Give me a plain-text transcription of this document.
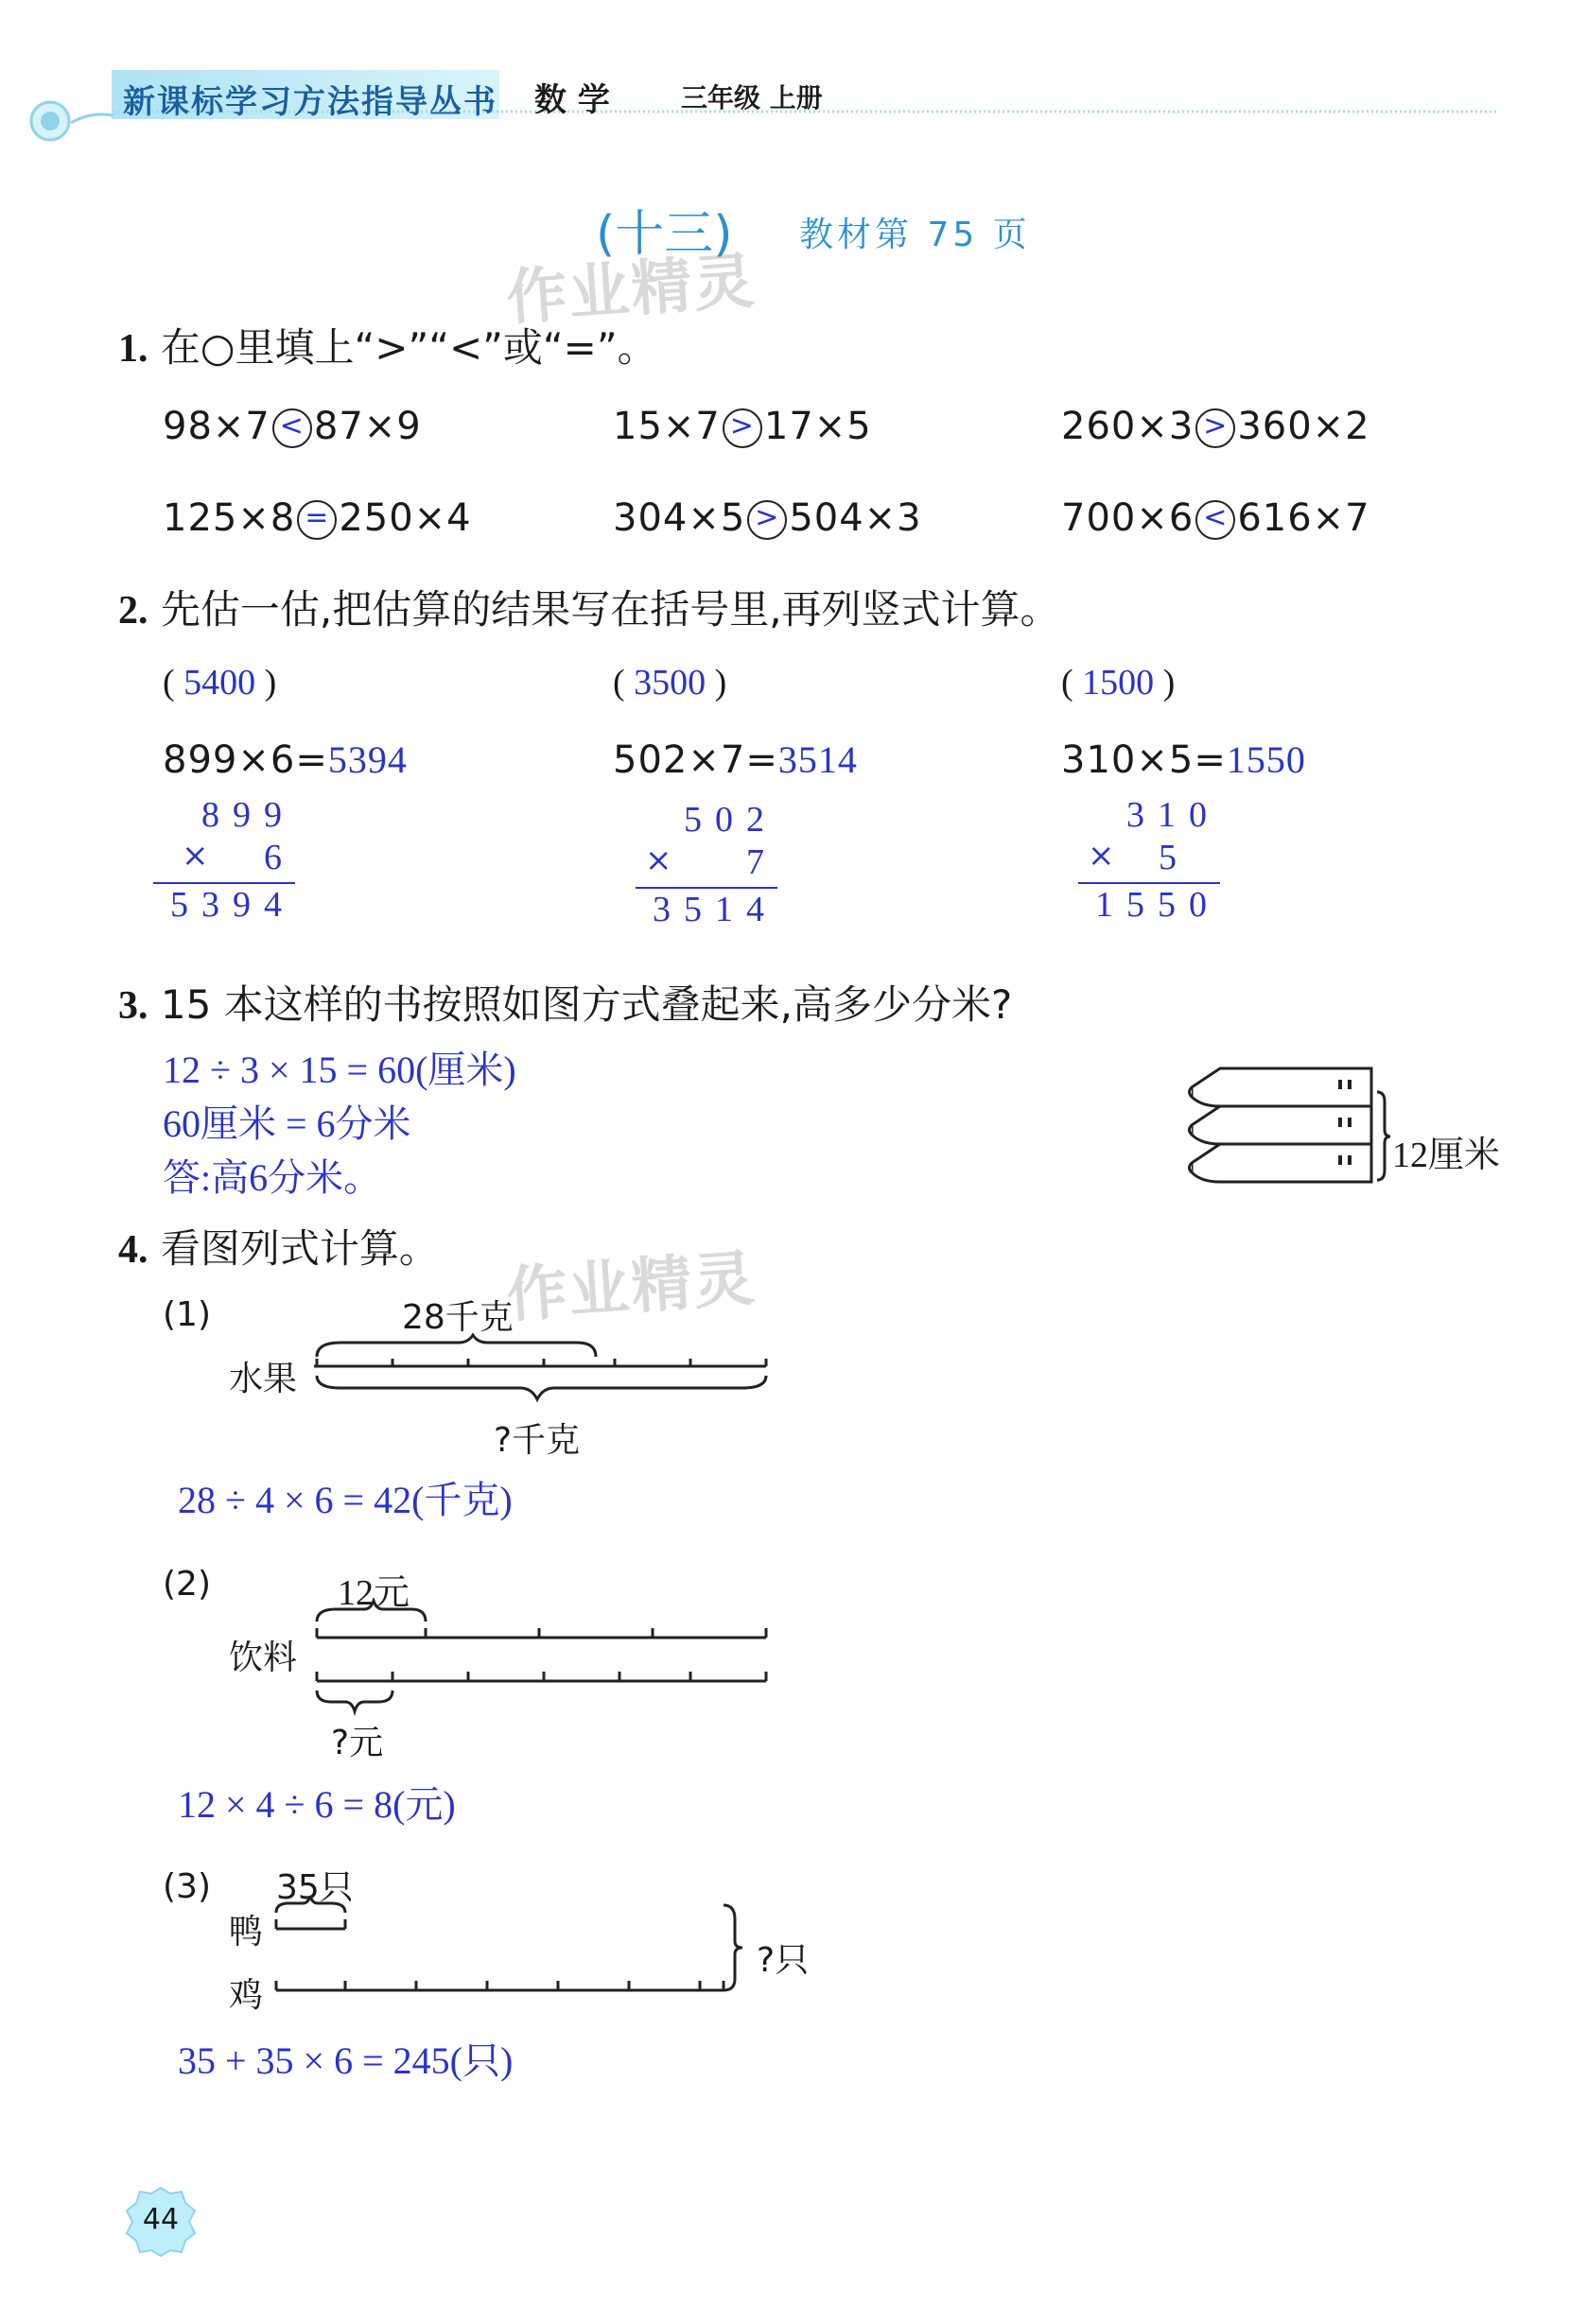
新课标学习方法指导丛书 数 学	三年级 上册
(十三) 教材第 75 页
作业精灵
1. 在○里填上“>”“<”或“=”。
98×7 < 87×9	15×7 > 17×5	260×3 > 360×2
125×8 = 250×4	304×5 > 504×3	700×6 < 616×7
2. 先估一估,把估算的结果写在括号里,再列竖式计算。
( 5400 )
899×6=5394
899
× 6
5394
( 3500 )
502×7=3514
502
× 7
3514
( 1500 )
310×5=1550
310
× 5
1550
3. 15 本这样的书按照如图方式叠起来,高多少分米?
12 ÷ 3 × 15 = 60(厘米)
60厘米 = 6分米
答:高6分米。
12厘米
4. 看图列式计算。 作业精灵
(1)	28千克
水果
?千克
28 ÷ 4 × 6 = 42(千克)
(2)	12元
饮料
?元
12 × 4 ÷ 6 = 8(元)
(3) 35只
鸭
鸡
?只
35 + 35 × 6 = 245(只)
44
